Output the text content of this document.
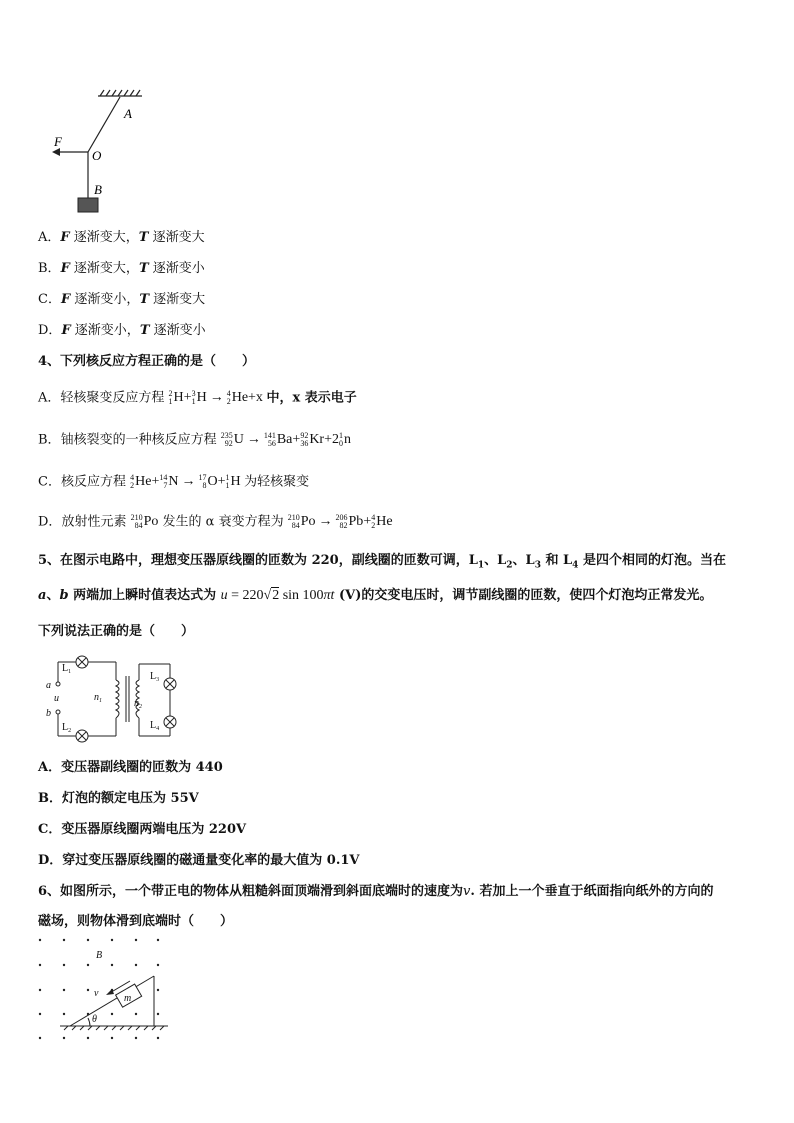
A
F
O
B
A．F 逐渐变大，T 逐渐变大
B．F 逐渐变大，T 逐渐变小
C．F 逐渐变小，T 逐渐变大
D．F 逐渐变小，T 逐渐变小
4、下列核反应方程正确的是（　　）
A．轻核聚变反应方程 2
1 H+ 3
1 H → 4
2 He+x 中，x 表示电子
B．铀核裂变的一种核反应方程 235
92 U → 141
56 Ba+ 92
36 Kr+2 1
0 n
C．核反应方程 4
2 He+ 14
7 N → 17
8 O+ 1
1 H 为轻核聚变
D．放射性元素 210
84 Po 发生的 α 衰变方程为 210
84 Po → 206
82 Pb+ 4
2 He
5、在图示电路中，理想变压器原线圈的匝数为 220，副线圈的匝数可调，$L_1$、$L_2$、$L_3$ 和 $L_4$ 是四个相同的灯泡。当在
a、b 两端加上瞬时值表达式为 u = 220√2 sin 100πt (V)的交变电压时，调节副线圈的匝数，使四个灯泡均正常发光。
下列说法正确的是（　　）
$L_1$
$L_2$
$L_3$
$L_4$
a
u
b
$n_1$	$n_2$
A．变压器副线圈的匝数为 440
B．灯泡的额定电压为 55V
C．变压器原线圈两端电压为 220V
D．穿过变压器原线圈的磁通量变化率的最大值为 0.1V
6、如图所示，一个带正电的物体从粗糙斜面顶端滑到斜面底端时的速度为v. 若加上一个垂直于纸面指向纸外的方向的
磁场，则物体滑到底端时（　　）
B
v	m
θ
